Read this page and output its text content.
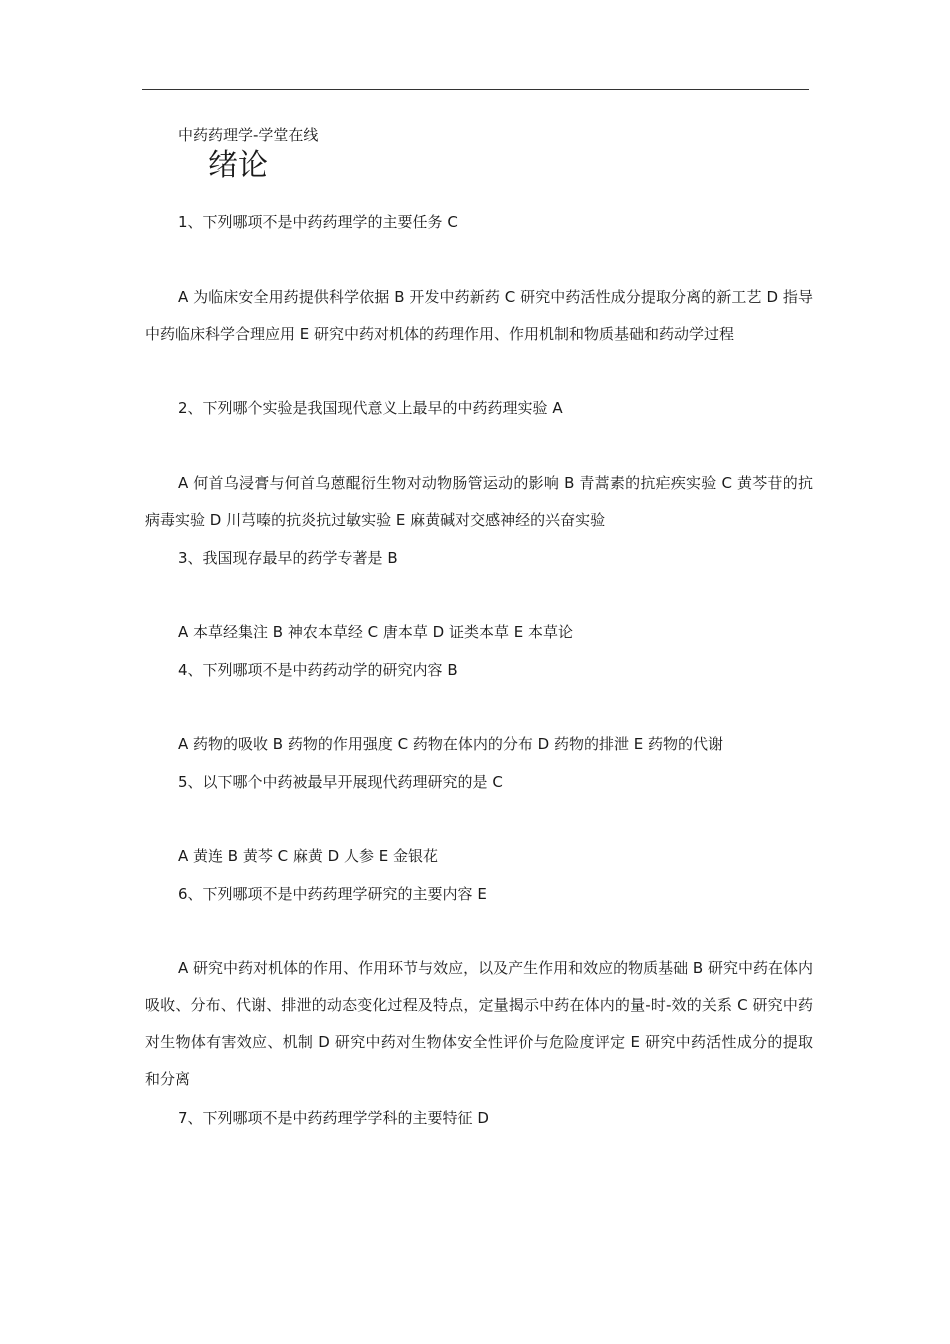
中药药理学-学堂在线
绪论
1、下列哪项不是中药药理学的主要任务 C

A 为临床安全用药提供科学依据 B 开发中药新药 C 研究中药活性成分提取分离的新工艺 D 指导中药临床科学合理应用 E 研究中药对机体的药理作用、作用机制和物质基础和药动学过程

2、下列哪个实验是我国现代意义上最早的中药药理实验 A

A 何首乌浸膏与何首乌蒽醌衍生物对动物肠管运动的影响 B 青蒿素的抗疟疾实验 C 黄芩苷的抗病毒实验 D 川芎嗪的抗炎抗过敏实验 E 麻黄碱对交感神经的兴奋实验

3、我国现存最早的药学专著是 B

A 本草经集注 B 神农本草经 C 唐本草 D 证类本草 E 本草论

4、下列哪项不是中药药动学的研究内容 B

A 药物的吸收 B 药物的作用强度 C 药物在体内的分布 D 药物的排泄 E 药物的代谢

5、以下哪个中药被最早开展现代药理研究的是 C

A 黄连 B 黄芩 C 麻黄 D 人参 E 金银花

6、下列哪项不是中药药理学研究的主要内容 E

A 研究中药对机体的作用、作用环节与效应，以及产生作用和效应的物质基础 B 研究中药在体内吸收、分布、代谢、排泄的动态变化过程及特点，定量揭示中药在体内的量-时-效的关系 C 研究中药对生物体有害效应、机制 D 研究中药对生物体安全性评价与危险度评定 E 研究中药活性成分的提取和分离

7、下列哪项不是中药药理学学科的主要特征 D
